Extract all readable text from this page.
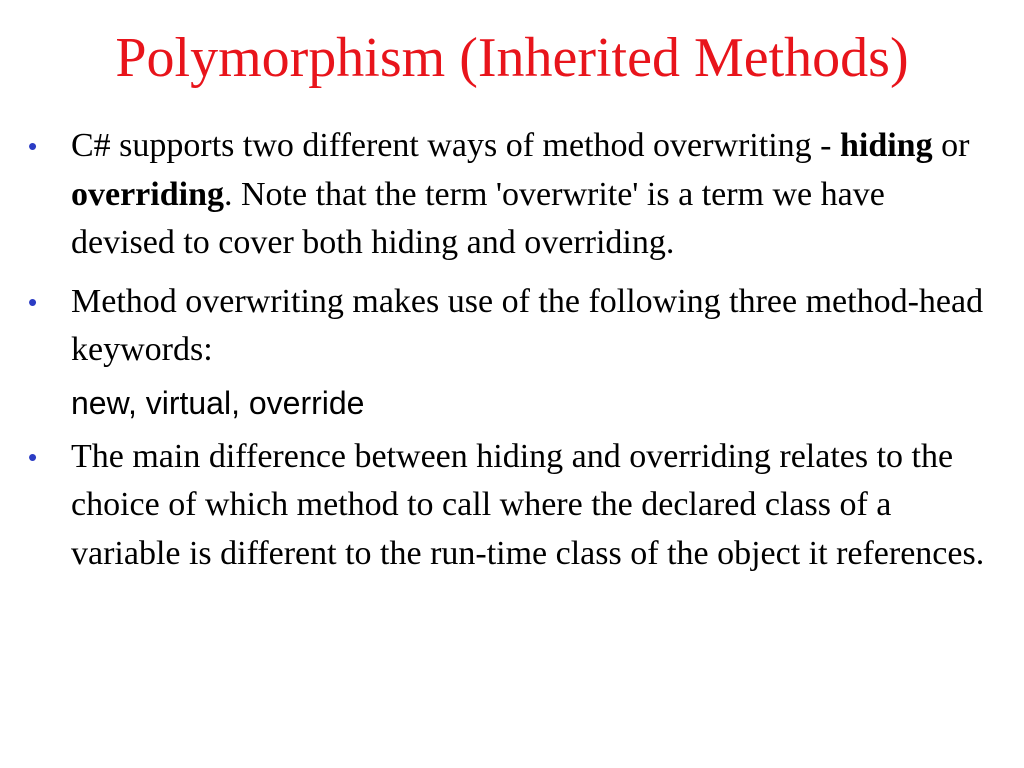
Polymorphism (Inherited Methods)
• C# supports two different ways of method overwriting - hiding or overriding. Note that the term 'overwrite' is a term we have devised to cover both hiding and overriding.
• Method overwriting makes use of the following three method-head keywords:
new, virtual, override
• The main difference between hiding and overriding relates to the choice of which method to call where the declared class of a variable is different to the run-time class of the object it references.
